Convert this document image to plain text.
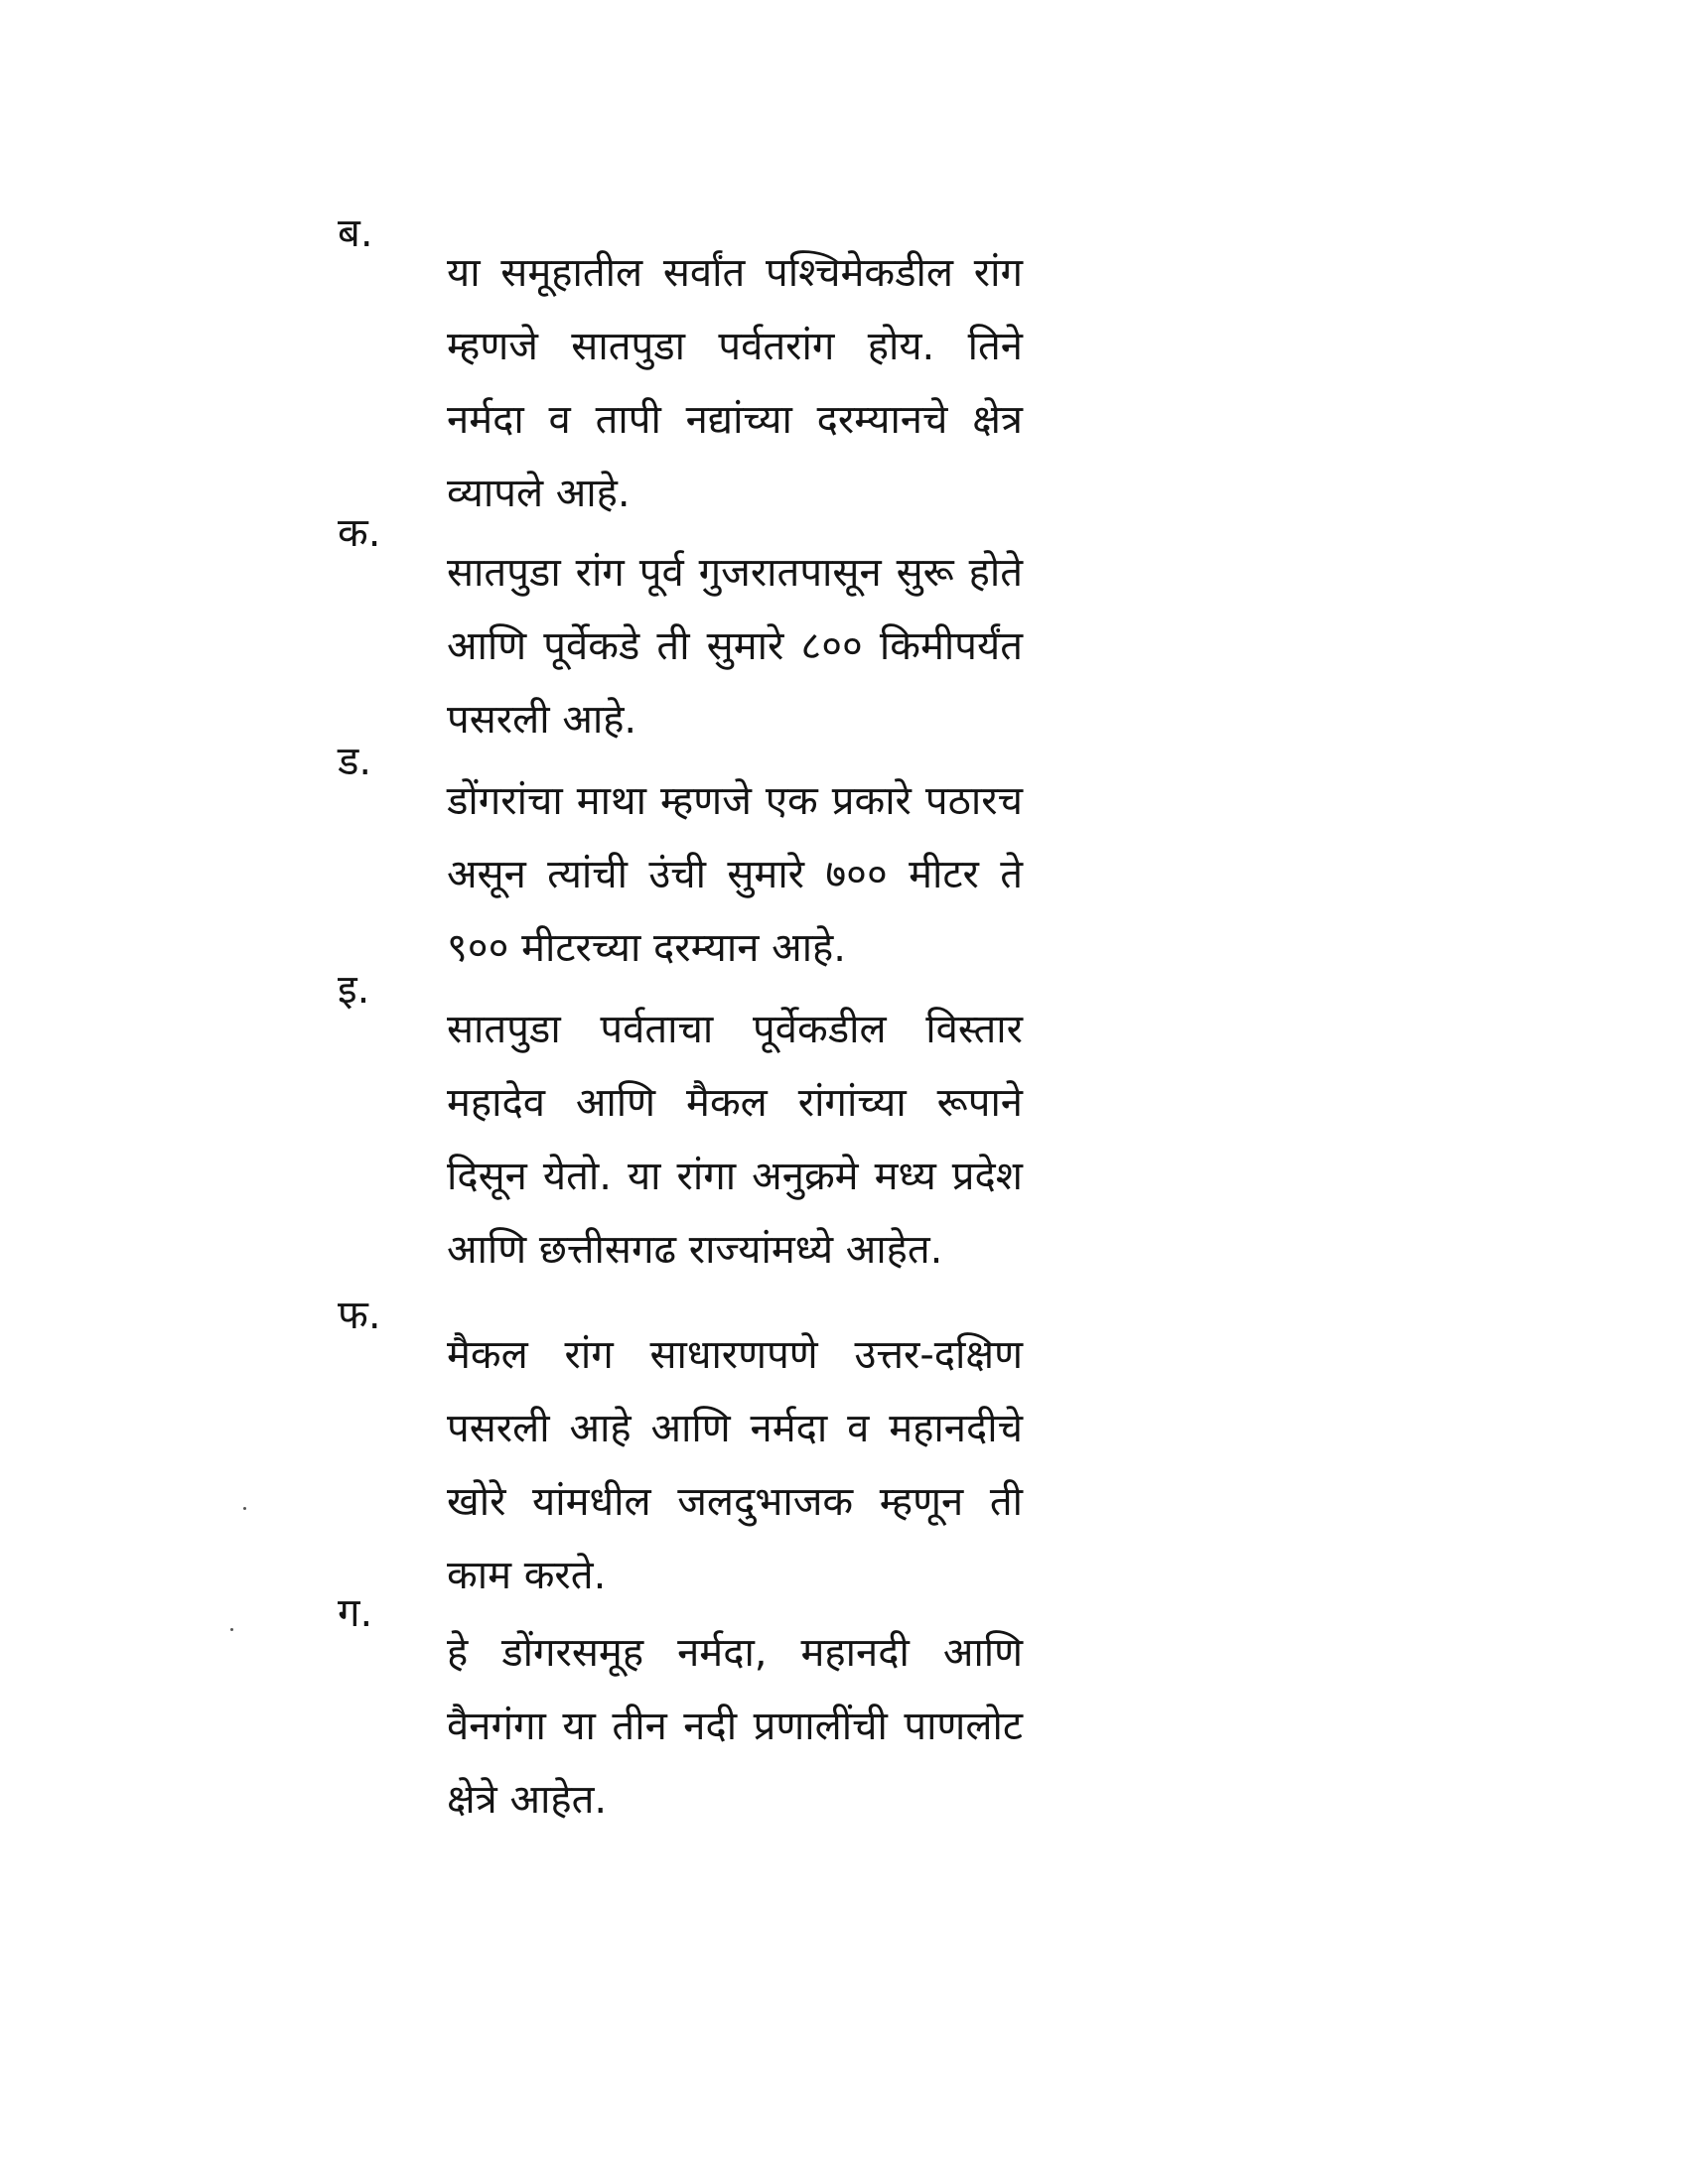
ब.

या समूहातील सर्वांत पश्चिमेकडील रांग म्हणजे सातपुडा पर्वतरांग होय. तिने नर्मदा व तापी नद्यांच्या दरम्यानचे क्षेत्र व्यापले आहे.

क.

सातपुडा रांग पूर्व गुजरातपासून सुरू होते आणि पूर्वेकडे ती सुमारे ८०० किमीपर्यंत पसरली आहे.

ड.

डोंगरांचा माथा म्हणजे एक प्रकारे पठारच असून त्यांची उंची सुमारे ७०० मीटर ते ९०० मीटरच्या दरम्यान आहे.

इ.

सातपुडा पर्वताचा पूर्वेकडील विस्तार महादेव आणि मैकल रांगांच्या रूपाने दिसून येतो. या रांगा अनुक्रमे मध्य प्रदेश आणि छत्तीसगढ राज्यांमध्ये आहेत.

फ.

मैकल रांग साधारणपणे उत्तर-दक्षिण पसरली आहे आणि नर्मदा व महानदीचे खोरे यांमधील जलदुभाजक म्हणून ती काम करते.

ग.

हे डोंगरसमूह नर्मदा, महानदी आणि वैनगंगा या तीन नदी प्रणालींची पाणलोट क्षेत्रे आहेत.
